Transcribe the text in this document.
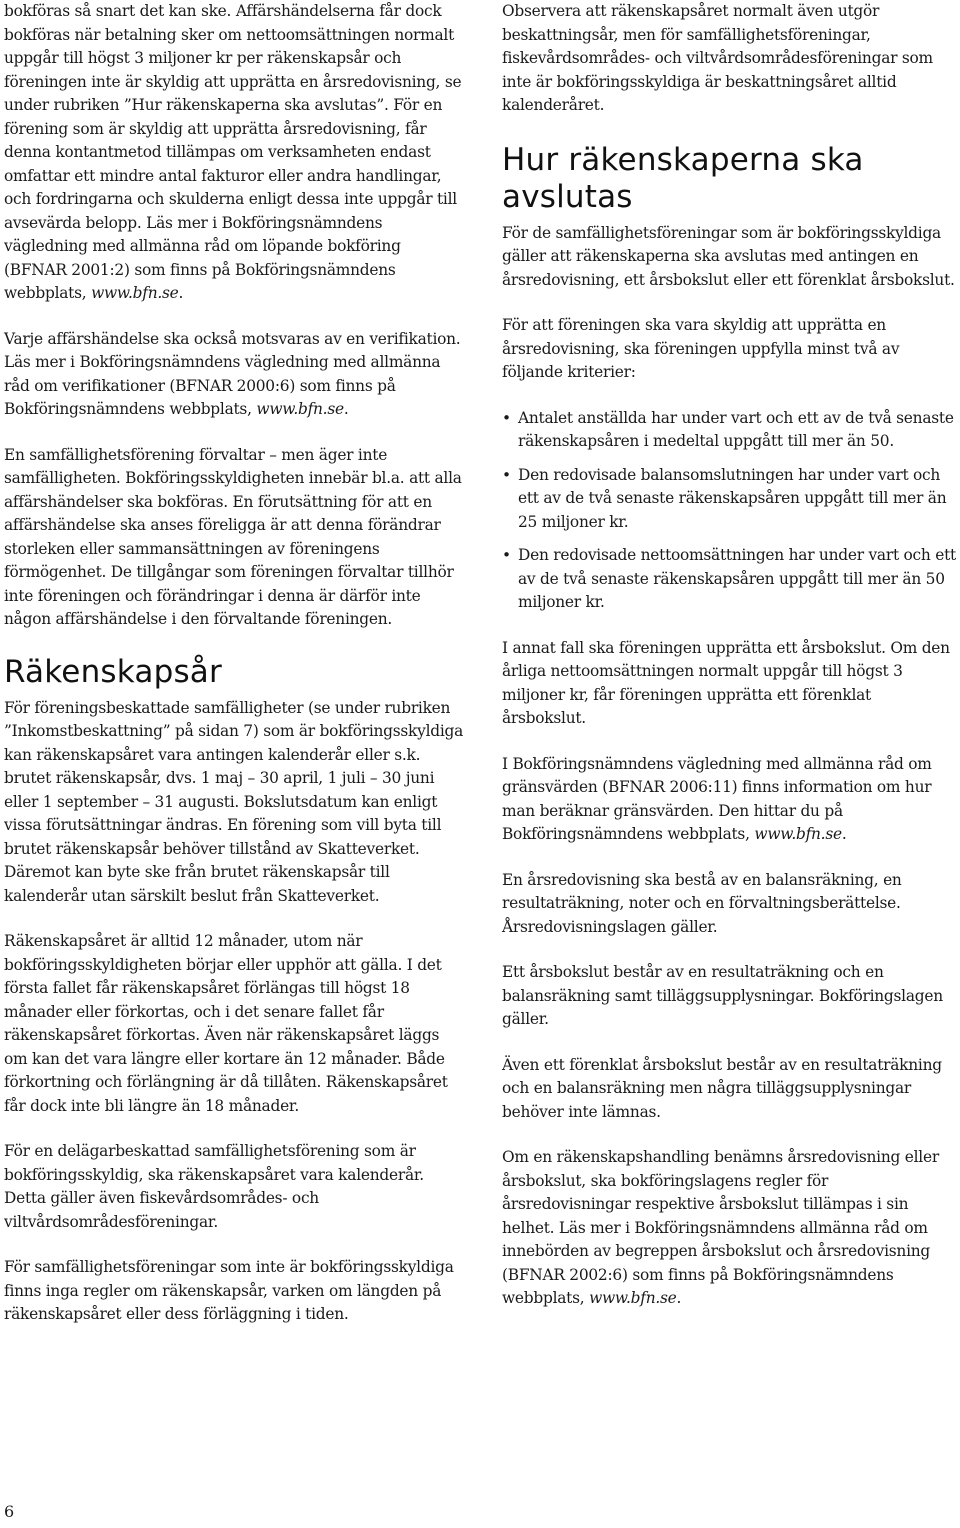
bokföras så snart det kan ske. Affärshändelserna får dock bokföras när betalning sker om nettoomsättningen normalt uppgår till högst 3 miljoner kr per räkenskapsår och föreningen inte är skyldig att upprätta en årsredovisning, se under rubriken ”Hur räkenskaperna ska avslutas”. För en förening som är skyldig att upprätta årsredovisning, får denna kontantmetod tillämpas om verksamheten endast omfattar ett mindre antal fakturor eller andra handlingar, och fordringarna och skulderna enligt dessa inte uppgår till avsevärda belopp. Läs mer i Bokföringsnämndens vägledning med allmänna råd om löpande bokföring (BFNAR 2001:2) som finns på Bokföringsnämndens webbplats, www.bfn.se.

Varje affärshändelse ska också motsvaras av en verifikation. Läs mer i Bokföringsnämndens vägledning med allmänna råd om verifikationer (BFNAR 2000:6) som finns på Bokföringsnämndens webbplats, www.bfn.se.

En samfällighetsförening förvaltar – men äger inte samfälligheten. Bokföringsskyldigheten innebär bl.a. att alla affärshändelser ska bokföras. En förutsättning för att en affärshändelse ska anses föreligga är att denna förändrar storleken eller sammansättningen av föreningens förmögenhet. De tillgångar som föreningen förvaltar tillhör inte föreningen och förändringar i denna är därför inte någon affärshändelse i den förvaltande föreningen.

Räkenskapsår

För föreningsbeskattade samfälligheter (se under rubriken ”Inkomstbeskattning” på sidan 7) som är bokföringsskyldiga kan räkenskapsåret vara antingen kalenderår eller s.k. brutet räkenskapsår, dvs. 1 maj – 30 april, 1 juli – 30 juni eller 1 september – 31 augusti. Bokslutsdatum kan enligt vissa förutsättningar ändras. En förening som vill byta till brutet räkenskapsår behöver tillstånd av Skatteverket. Däremot kan byte ske från brutet räkenskapsår till kalenderår utan särskilt beslut från Skatteverket.

Räkenskapsåret är alltid 12 månader, utom när bokföringsskyldigheten börjar eller upphör att gälla. I det första fallet får räkenskapsåret förlängas till högst 18 månader eller förkortas, och i det senare fallet får räkenskapsåret förkortas. Även när räkenskapsåret läggs om kan det vara längre eller kortare än 12 månader. Både förkortning och förlängning är då tillåten. Räkenskapsåret får dock inte bli längre än 18 månader.

För en delägarbeskattad samfällighetsförening som är bokföringsskyldig, ska räkenskapsåret vara kalenderår. Detta gäller även fiskevårdsområdes- och viltvårdsområdesföreningar.

För samfällighetsföreningar som inte är bokföringsskyldiga finns inga regler om räkenskapsår, varken om längden på räkenskapsåret eller dess förläggning i tiden.

Observera att räkenskapsåret normalt även utgör beskattningsår, men för samfällighetsföreningar, fiskevårdsområdes- och viltvårdsområdesföreningar som inte är bokföringsskyldiga är beskattningsåret alltid kalenderåret.

Hur räkenskaperna ska avslutas

För de samfällighetsföreningar som är bokföringsskyldiga gäller att räkenskaperna ska avslutas med antingen en årsredovisning, ett årsbokslut eller ett förenklat årsbokslut.

För att föreningen ska vara skyldig att upprätta en årsredovisning, ska föreningen uppfylla minst två av följande kriterier:

• Antalet anställda har under vart och ett av de två senaste räkenskapsåren i medeltal uppgått till mer än 50.
• Den redovisade balansomslutningen har under vart och ett av de två senaste räkenskapsåren uppgått till mer än 25 miljoner kr.
• Den redovisade nettoomsättningen har under vart och ett av de två senaste räkenskapsåren uppgått till mer än 50 miljoner kr.

I annat fall ska föreningen upprätta ett årsbokslut. Om den årliga nettoomsättningen normalt uppgår till högst 3 miljoner kr, får föreningen upprätta ett förenklat årsbokslut.

I Bokföringsnämndens vägledning med allmänna råd om gränsvärden (BFNAR 2006:11) finns information om hur man beräknar gränsvärden. Den hittar du på Bokföringsnämndens webbplats, www.bfn.se.

En årsredovisning ska bestå av en balansräkning, en resultaträkning, noter och en förvaltningsberättelse. Årsredovisningslagen gäller.

Ett årsbokslut består av en resultaträkning och en balansräkning samt tilläggsupplysningar. Bokföringslagen gäller.

Även ett förenklat årsbokslut består av en resultaträkning och en balansräkning men några tilläggsupplysningar behöver inte lämnas.

Om en räkenskapshandling benämns årsredovisning eller årsbokslut, ska bokföringslagens regler för årsredovisningar respektive årsbokslut tillämpas i sin helhet. Läs mer i Bokföringsnämndens allmänna råd om innebörden av begreppen årsbokslut och årsredovisning (BFNAR 2002:6) som finns på Bokföringsnämndens webbplats, www.bfn.se.

6
